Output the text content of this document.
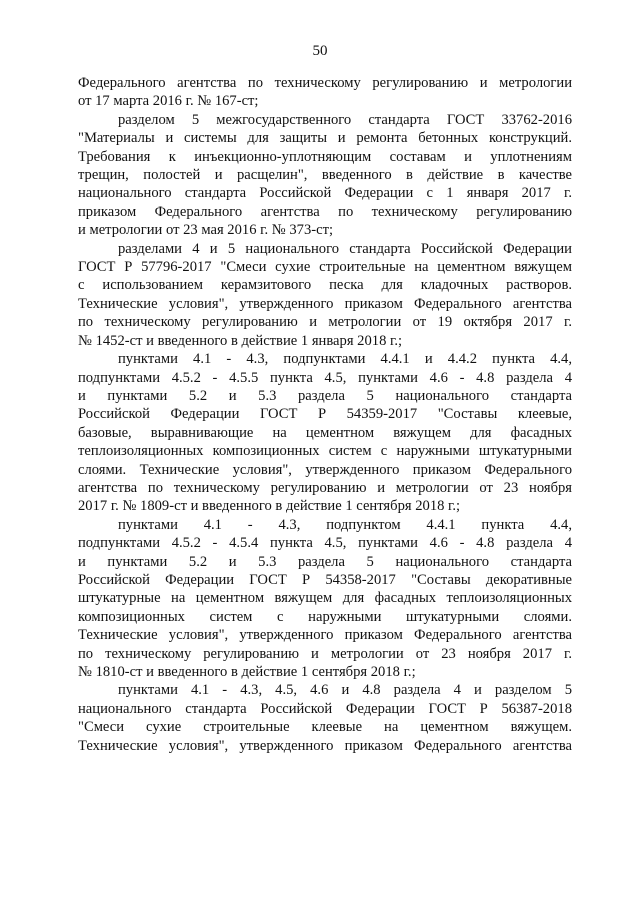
50

Федерального агентства по техническому регулированию и метрологии
от 17 марта 2016 г. № 167-ст;

разделом 5 межгосударственного стандарта ГОСТ 33762-2016
"Материалы и системы для защиты и ремонта бетонных конструкций.
Требования к инъекционно-уплотняющим составам и уплотнениям
трещин, полостей и расщелин", введенного в действие в качестве
национального стандарта Российской Федерации с 1 января 2017 г.
приказом Федерального агентства по техническому регулированию
и метрологии от 23 мая 2016 г. № 373-ст;

разделами 4 и 5 национального стандарта Российской Федерации
ГОСТ Р 57796-2017 "Смеси сухие строительные на цементном вяжущем
с использованием керамзитового песка для кладочных растворов.
Технические условия", утвержденного приказом Федерального агентства
по техническому регулированию и метрологии от 19 октября 2017 г.
№ 1452-ст и введенного в действие 1 января 2018 г.;

пунктами 4.1 - 4.3, подпунктами 4.4.1 и 4.4.2 пункта 4.4,
подпунктами 4.5.2 - 4.5.5 пункта 4.5, пунктами 4.6 - 4.8 раздела 4
и пунктами 5.2 и 5.3 раздела 5 национального стандарта
Российской Федерации ГОСТ Р 54359-2017 "Составы клеевые,
базовые, выравнивающие на цементном вяжущем для фасадных
теплоизоляционных композиционных систем с наружными штукатурными
слоями. Технические условия", утвержденного приказом Федерального
агентства по техническому регулированию и метрологии от 23 ноября
2017 г. № 1809-ст и введенного в действие 1 сентября 2018 г.;

пунктами 4.1 - 4.3, подпунктом 4.4.1 пункта 4.4,
подпунктами 4.5.2 - 4.5.4 пункта 4.5, пунктами 4.6 - 4.8 раздела 4
и пунктами 5.2 и 5.3 раздела 5 национального стандарта
Российской Федерации ГОСТ Р 54358-2017 "Составы декоративные
штукатурные на цементном вяжущем для фасадных теплоизоляционных
композиционных систем с наружными штукатурными слоями.
Технические условия", утвержденного приказом Федерального агентства
по техническому регулированию и метрологии от 23 ноября 2017 г.
№ 1810-ст и введенного в действие 1 сентября 2018 г.;

пунктами 4.1 - 4.3, 4.5, 4.6 и 4.8 раздела 4 и разделом 5
национального стандарта Российской Федерации ГОСТ Р 56387-2018
"Смеси сухие строительные клеевые на цементном вяжущем.
Технические условия", утвержденного приказом Федерального агентства
